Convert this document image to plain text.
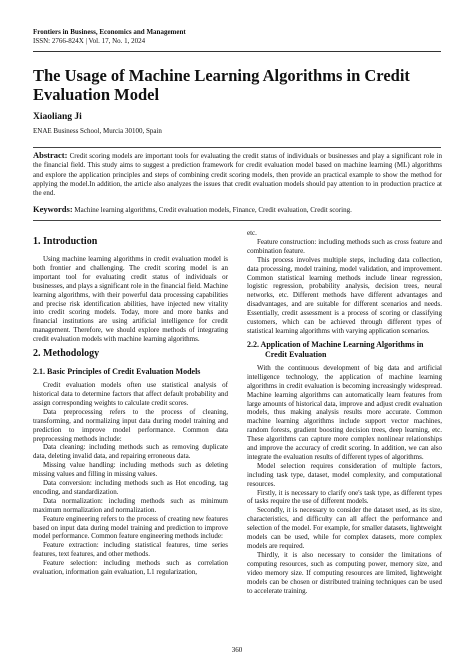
Frontiers in Business, Economics and Management
ISSN: 2766-824X | Vol. 17, No. 1, 2024
The Usage of Machine Learning Algorithms in Credit Evaluation Model
Xiaoliang Ji
ENAE Business School, Murcia 30100, Spain
Abstract: Credit scoring models are important tools for evaluating the credit status of individuals or businesses and play a significant role in the financial field. This study aims to suggest a prediction framework for credit evaluation model based on machine learning (ML) algorithms and explore the application principles and steps of combining credit scoring models, then provide an practical example to show the method for applying the model.In addition, the article also analyzes the issues that credit evaluation models should pay attention to in production practice at the end.
Keywords: Machine learning algorithms, Credit evaluation models, Finance, Credit evaluation, Credit scoring.
1. Introduction

Using machine learning algorithms in credit evaluation model is both frontier and challenging. The credit scoring model is an important tool for evaluating credit status of individuals or businesses, and plays a significant role in the financial field. Machine learning algorithms, with their powerful data processing capabilities and precise risk identification abilities, have injected new vitality into credit scoring models. Today, more and more banks and financial institutions are using artificial intelligence for credit management. Therefore, we should explore methods of integrating credit evaluation models with machine learning algorithms.

2. Methodology
2.1. Basic Principles of Credit Evaluation Models

Credit evaluation models often use statistical analysis of historical data to determine factors that affect default probability and assign corresponding weights to calculate credit scores.

Data preprocessing refers to the process of cleaning, transforming, and normalizing input data during model training and prediction to improve model performance. Common data preprocessing methods include:

Data cleaning: including methods such as removing duplicate data, deleting invalid data, and repairing erroneous data.

Missing value handling: including methods such as deleting missing values and filling in missing values.

Data conversion: including methods such as Hot encoding, tag encoding, and standardization.

Data normalization: including methods such as minimum maximum normalization and normalization.

Feature engineering refers to the process of creating new features based on input data during model training and prediction to improve model performance. Common feature engineering methods include:

Feature extraction: including statistical features, time series features, text features, and other methods.

Feature selection: including methods such as correlation evaluation, information gain evaluation, L1 regularization,

etc.

Feature construction: including methods such as cross feature and combination feature.

This process involves multiple steps, including data collection, data processing, model training, model validation, and improvement. Common statistical learning methods include linear regression, logistic regression, probability analysis, decision trees, neural networks, etc. Different methods have different advantages and disadvantages, and are suitable for different scenarios and needs. Essentially, credit assessment is a process of scoring or classifying customers, which can be achieved through different types of statistical learning algorithms with varying application scenarios.

2.2. Application of Machine Learning Algorithms in Credit Evaluation

With the continuous development of big data and artificial intelligence technology, the application of machine learning algorithms in credit evaluation is becoming increasingly widespread. Machine learning algorithms can automatically learn features from large amounts of historical data, improve and adjust credit evaluation models, thus making analysis results more accurate. Common machine learning algorithms include support vector machines, random forests, gradient boosting decision trees, deep learning, etc. These algorithms can capture more complex nonlinear relationships and improve the accuracy of credit scoring. In addition, we can also integrate the evaluation results of different types of algorithms.

Model selection requires consideration of multiple factors, including task type, dataset, model complexity, and computational resources.

Firstly, it is necessary to clarify one's task type, as different types of tasks require the use of different models.

Secondly, it is necessary to consider the dataset used, as its size, characteristics, and difficulty can all affect the performance and selection of the model. For example, for smaller datasets, lightweight models can be used, while for complex datasets, more complex models are required.

Thirdly, it is also necessary to consider the limitations of computing resources, such as computing power, memory size, and video memory size. If computing resources are limited, lightweight models can be chosen or distributed training techniques can be used to accelerate training.

360
